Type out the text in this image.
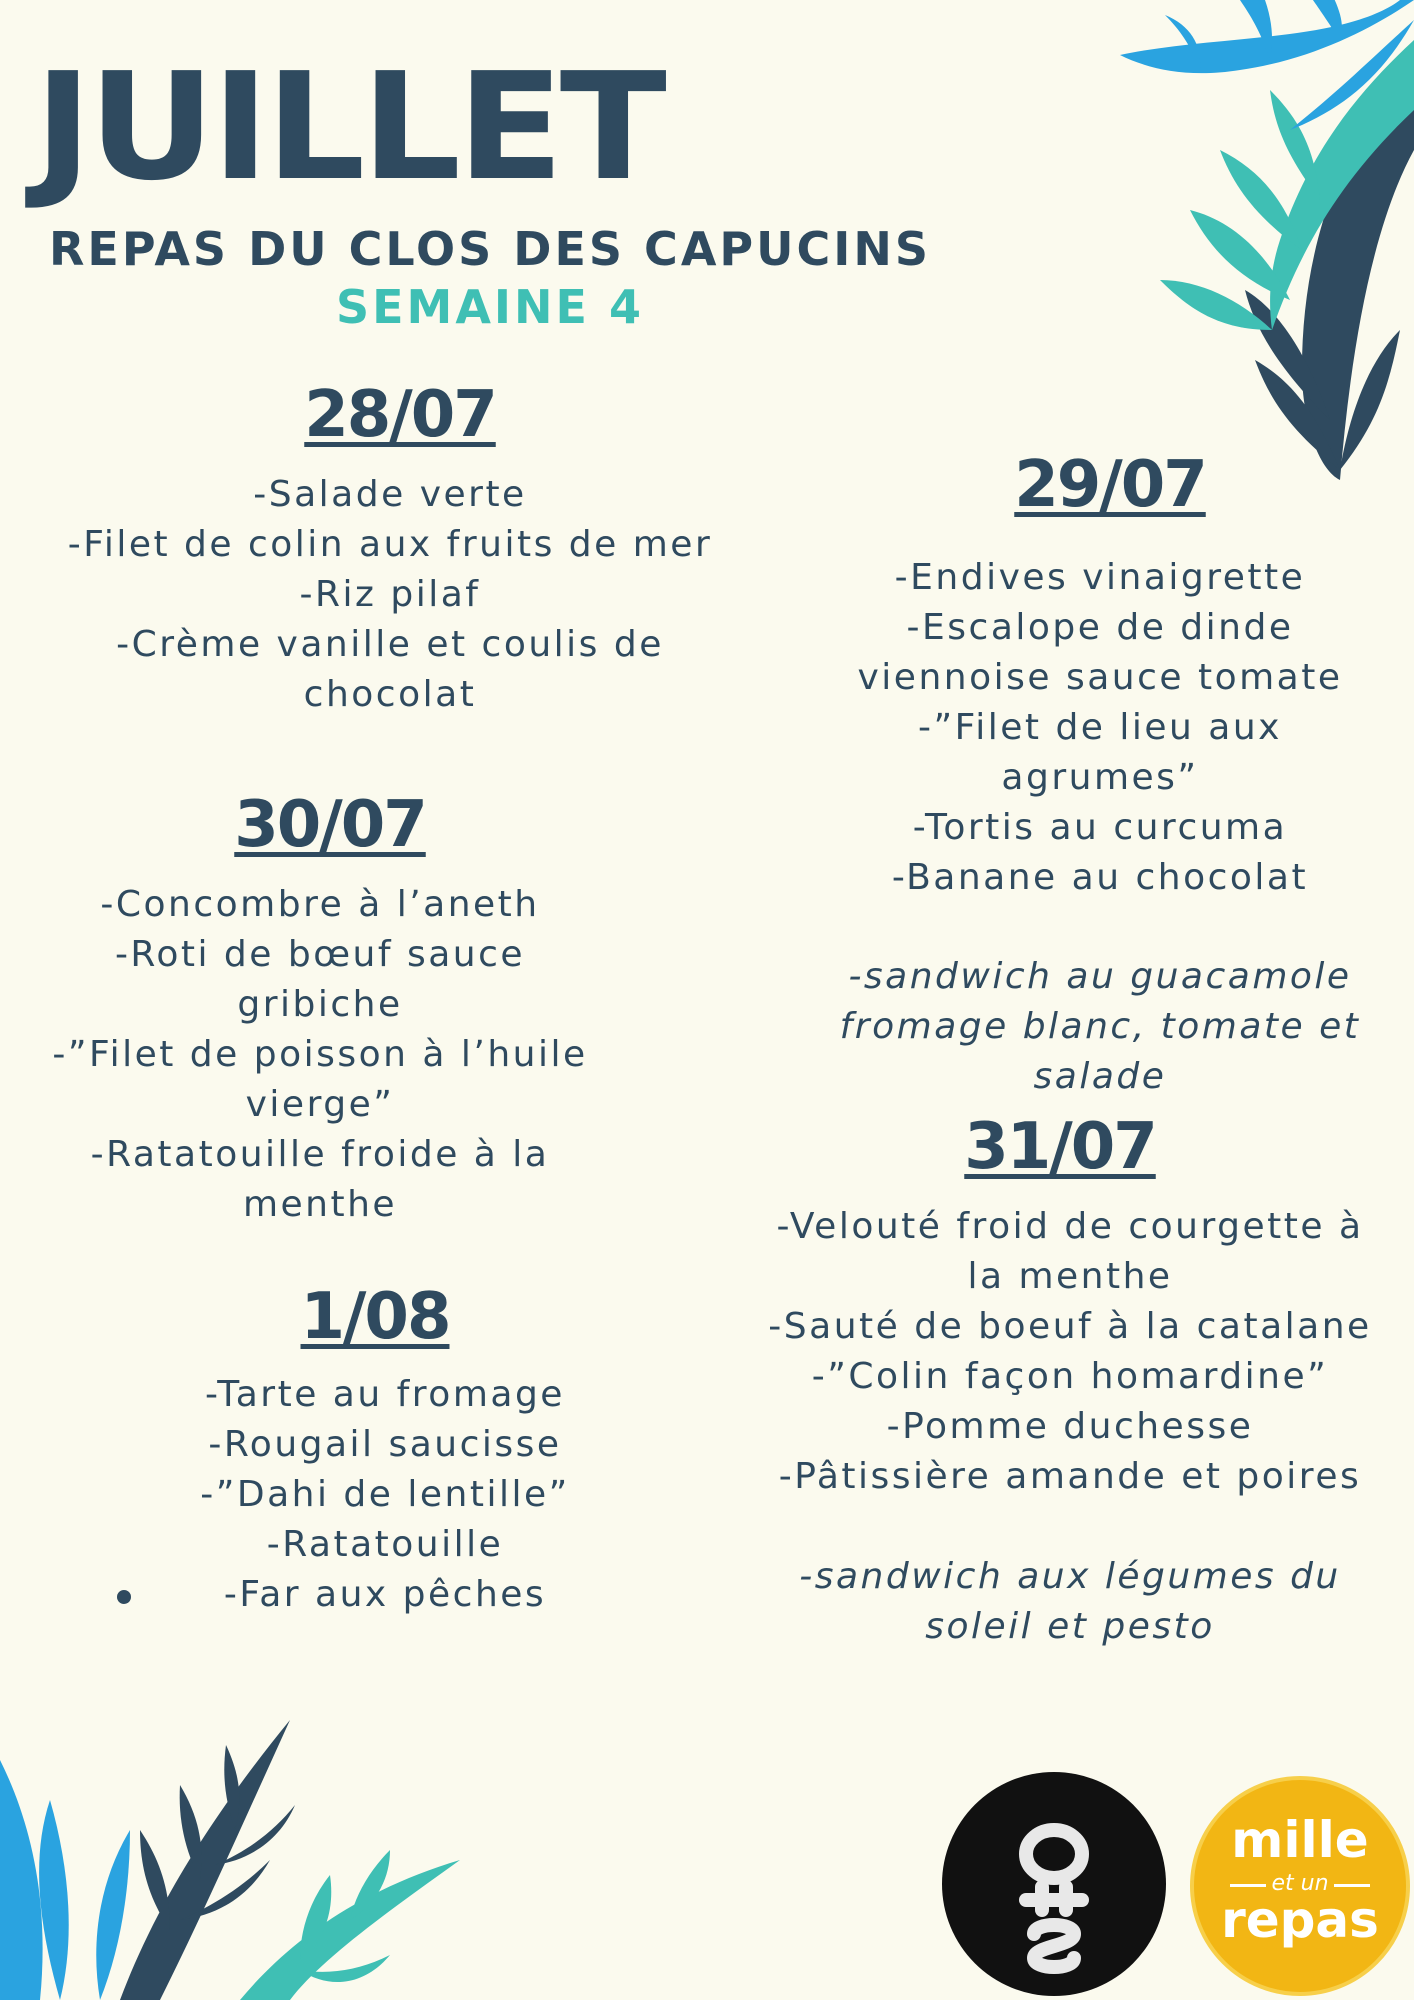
JUILLET
REPAS DU CLOS DES CAPUCINS
SEMAINE 4
28/07
-Salade verte
-Filet de colin aux fruits de mer
-Riz pilaf
-Crème vanille et coulis de
chocolat
29/07
-Endives vinaigrette
-Escalope de dinde
viennoise sauce tomate
-”Filet de lieu aux
agrumes”
-Tortis au curcuma
-Banane au chocolat
-sandwich au guacamole
fromage blanc, tomate et
salade
30/07
-Concombre à l’aneth
-Roti de bœuf sauce
gribiche
-”Filet de poisson à l’huile
vierge”
-Ratatouille froide à la
menthe
31/07
-Velouté froid de courgette à
la menthe
-Sauté de boeuf à la catalane
-”Colin façon homardine”
-Pomme duchesse
-Pâtissière amande et poires
-sandwich aux légumes du
soleil et pesto
1/08
-Tarte au fromage
-Rougail saucisse
-”Dahi de lentille”
-Ratatouille
-Far aux pêches
mille
et un
repas
